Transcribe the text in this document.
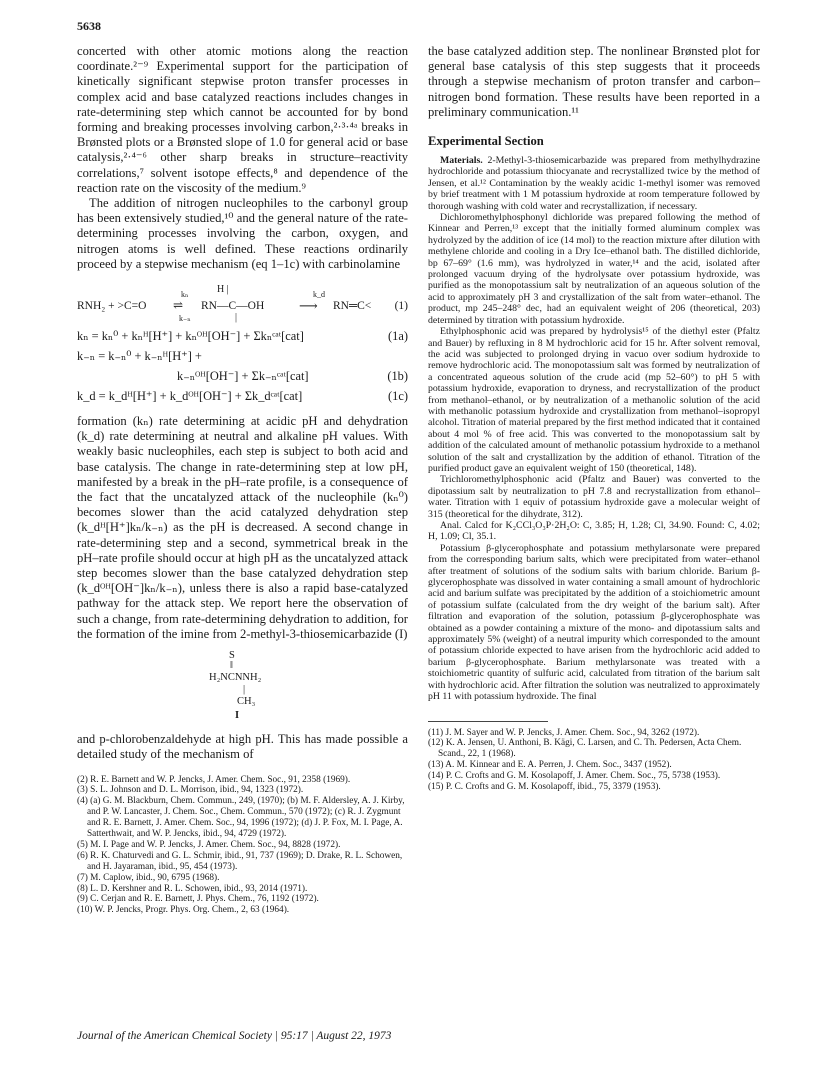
5638

concerted with other atomic motions along the reaction coordinate.²⁻⁹ Experimental support for the participation of kinetically significant stepwise proton transfer processes in complex acid and base catalyzed reactions includes changes in rate-determining step which cannot be accounted for by bond forming and breaking processes involving carbon,²·³·⁴ᵃ breaks in Brønsted plots or a Brønsted slope of 1.0 for general acid or base catalysis,²·⁴⁻⁶ other sharp breaks in structure–reactivity correlations,⁷ solvent isotope effects,⁸ and dependence of the reaction rate on the viscosity of the medium.⁹

The addition of nitrogen nucleophiles to the carbonyl group has been extensively studied,¹⁰ and the general nature of the rate-determining processes involving the carbon, oxygen, and nitrogen atoms is well defined. These reactions ordinarily proceed by a stepwise mechanism (eq 1–1c) with carbinolamine

RNH₂ + >C=O
kₙ
⇌
k₋ₙ
H |
RN—C—OH
|
k_d
⟶ RN═C< (1)
kₙ = kₙ⁰ + kₙᴴ[H⁺] + kₙᴼᴴ[OH⁻] + Σkₙᶜᵃᵗ[cat]	(1a)
k₋ₙ = k₋ₙ⁰ + k₋ₙᴴ[H⁺] +
k₋ₙᴼᴴ[OH⁻] + Σk₋ₙᶜᵃᵗ[cat]	(1b)
k_d = k_dᴴ[H⁺] + k_dᴼᴴ[OH⁻] + Σk_dᶜᵃᵗ[cat]	(1c)

formation (kₙ) rate determining at acidic pH and dehydration (k_d) rate determining at neutral and alkaline pH values. With weakly basic nucleophiles, each step is subject to both acid and base catalysis. The change in rate-determining step at low pH, manifested by a break in the pH–rate profile, is a consequence of the fact that the uncatalyzed attack of the nucleophile (kₙ⁰) becomes slower than the acid catalyzed dehydration step (k_dᴴ[H⁺]kₙ/k₋ₙ) as the pH is decreased. A second change in rate-determining step and a second, symmetrical break in the pH–rate profile should occur at high pH as the uncatalyzed attack step becomes slower than the base catalyzed dehydration step (k_dᴼᴴ[OH⁻]kₙ/k₋ₙ), unless there is also a rapid base-catalyzed pathway for the attack step. We report here the observation of such a change, from rate-determining dehydration to addition, for the formation of the imine from 2-methyl-3-thiosemicarbazide (I)

S
‖
H₂NCNNH₂
|
CH₃
I

and p-chlorobenzaldehyde at high pH. This has made possible a detailed study of the mechanism of

(2) R. E. Barnett and W. P. Jencks, J. Amer. Chem. Soc., 91, 2358 (1969).

(3) S. L. Johnson and D. L. Morrison, ibid., 94, 1323 (1972).

(4) (a) G. M. Blackburn, Chem. Commun., 249, (1970); (b) M. F. Aldersley, A. J. Kirby, and P. W. Lancaster, J. Chem. Soc., Chem. Commun., 570 (1972); (c) R. J. Zygmunt and R. E. Barnett, J. Amer. Chem. Soc., 94, 1996 (1972); (d) J. P. Fox, M. I. Page, A. Satterthwait, and W. P. Jencks, ibid., 94, 4729 (1972).

(5) M. I. Page and W. P. Jencks, J. Amer. Chem. Soc., 94, 8828 (1972).

(6) R. K. Chaturvedi and G. L. Schmir, ibid., 91, 737 (1969); D. Drake, R. L. Schowen, and H. Jayaraman, ibid., 95, 454 (1973).

(7) M. Caplow, ibid., 90, 6795 (1968).

(8) L. D. Kershner and R. L. Schowen, ibid., 93, 2014 (1971).

(9) C. Cerjan and R. E. Barnett, J. Phys. Chem., 76, 1192 (1972).

(10) W. P. Jencks, Progr. Phys. Org. Chem., 2, 63 (1964).

the base catalyzed addition step. The nonlinear Brønsted plot for general base catalysis of this step suggests that it proceeds through a stepwise mechanism of proton transfer and carbon–nitrogen bond formation. These results have been reported in a preliminary communication.¹¹

Experimental Section

Materials. 2-Methyl-3-thiosemicarbazide was prepared from methylhydrazine hydrochloride and potassium thiocyanate and recrystallized twice by the method of Jensen, et al.¹² Contamination by the weakly acidic 1-methyl isomer was removed by brief treatment with 1 M potassium hydroxide at room temperature followed by thorough washing with cold water and recrystallization, if necessary.

Dichloromethylphosphonyl dichloride was prepared following the method of Kinnear and Perren,¹³ except that the initially formed aluminum complex was hydrolyzed by the addition of ice (14 mol) to the reaction mixture after dilution with methylene chloride and cooling in a Dry Ice–ethanol bath. The distilled dichloride, bp 67–69° (1.6 mm), was hydrolyzed in water,¹⁴ and the acid, isolated after prolonged vacuum drying of the hydrolysate over potassium hydroxide, was purified as the monopotassium salt by neutralization of an aqueous solution of the acid to approximately pH 3 and crystallization of the salt from water–ethanol. The product, mp 245–248° dec, had an equivalent weight of 206 (theoretical, 203) determined by titration with potassium hydroxide.

Ethylphosphonic acid was prepared by hydrolysis¹⁵ of the diethyl ester (Pfaltz and Bauer) by refluxing in 8 M hydrochloric acid for 15 hr. After solvent removal, the acid was subjected to prolonged drying in vacuo over sodium hydroxide to remove hydrochloric acid. The monopotassium salt was formed by neutralization of a concentrated aqueous solution of the crude acid (mp 52–60°) to pH 5 with potassium hydroxide, evaporation to dryness, and recrystallization of the product from methanol–ethanol, or by neutralization of a methanolic solution of the acid with methanolic potassium hydroxide and crystallization from methanol–isopropyl alcohol. Titration of material prepared by the first method indicated that it contained about 4 mol % of free acid. This was converted to the monopotassium salt by addition of the calculated amount of methanolic potassium hydroxide to a methanol solution of the salt and crystallization by the addition of ethanol. Titration of the purified product gave an equivalent weight of 150 (theoretical, 148).

Trichloromethylphosphonic acid (Pfaltz and Bauer) was converted to the dipotassium salt by neutralization to pH 7.8 and recrystallization from ethanol–water. Titration with 1 equiv of potassium hydroxide gave a molecular weight of 315 (theoretical for the dihydrate, 312).

Anal. Calcd for K₂CCl₃O₃P·2H₂O: C, 3.85; H, 1.28; Cl, 34.90. Found: C, 4.02; H, 1.09; Cl, 35.1.

Potassium β-glycerophosphate and potassium methylarsonate were prepared from the corresponding barium salts, which were precipitated from water–ethanol after treatment of solutions of the sodium salts with barium chloride. Barium β-glycerophosphate was dissolved in water containing a small amount of hydrochloric acid and barium sulfate was precipitated by the addition of a stoichiometric amount of potassium sulfate (calculated from the dry weight of the barium salt). After filtration and evaporation of the solution, potassium β-glycerophosphate was obtained as a powder containing a mixture of the mono- and dipotassium salts and approximately 5% (weight) of a neutral impurity which corresponded to the amount of potassium chloride expected to have arisen from the hydrochloric acid added to barium β-glycerophosphate. Barium methylarsonate was treated with a stoichiometric quantity of sulfuric acid, calculated from titration of the barium salt with hydrochloric acid. After filtration the solution was neutralized to approximately pH 11 with potassium hydroxide. The final

(11) J. M. Sayer and W. P. Jencks, J. Amer. Chem. Soc., 94, 3262 (1972).

(12) K. A. Jensen, U. Anthoni, B. Kägi, C. Larsen, and C. Th. Pedersen, Acta Chem. Scand., 22, 1 (1968).

(13) A. M. Kinnear and E. A. Perren, J. Chem. Soc., 3437 (1952).

(14) P. C. Crofts and G. M. Kosolapoff, J. Amer. Chem. Soc., 75, 5738 (1953).

(15) P. C. Crofts and G. M. Kosolapoff, ibid., 75, 3379 (1953).

Journal of the American Chemical Society | 95:17 | August 22, 1973
